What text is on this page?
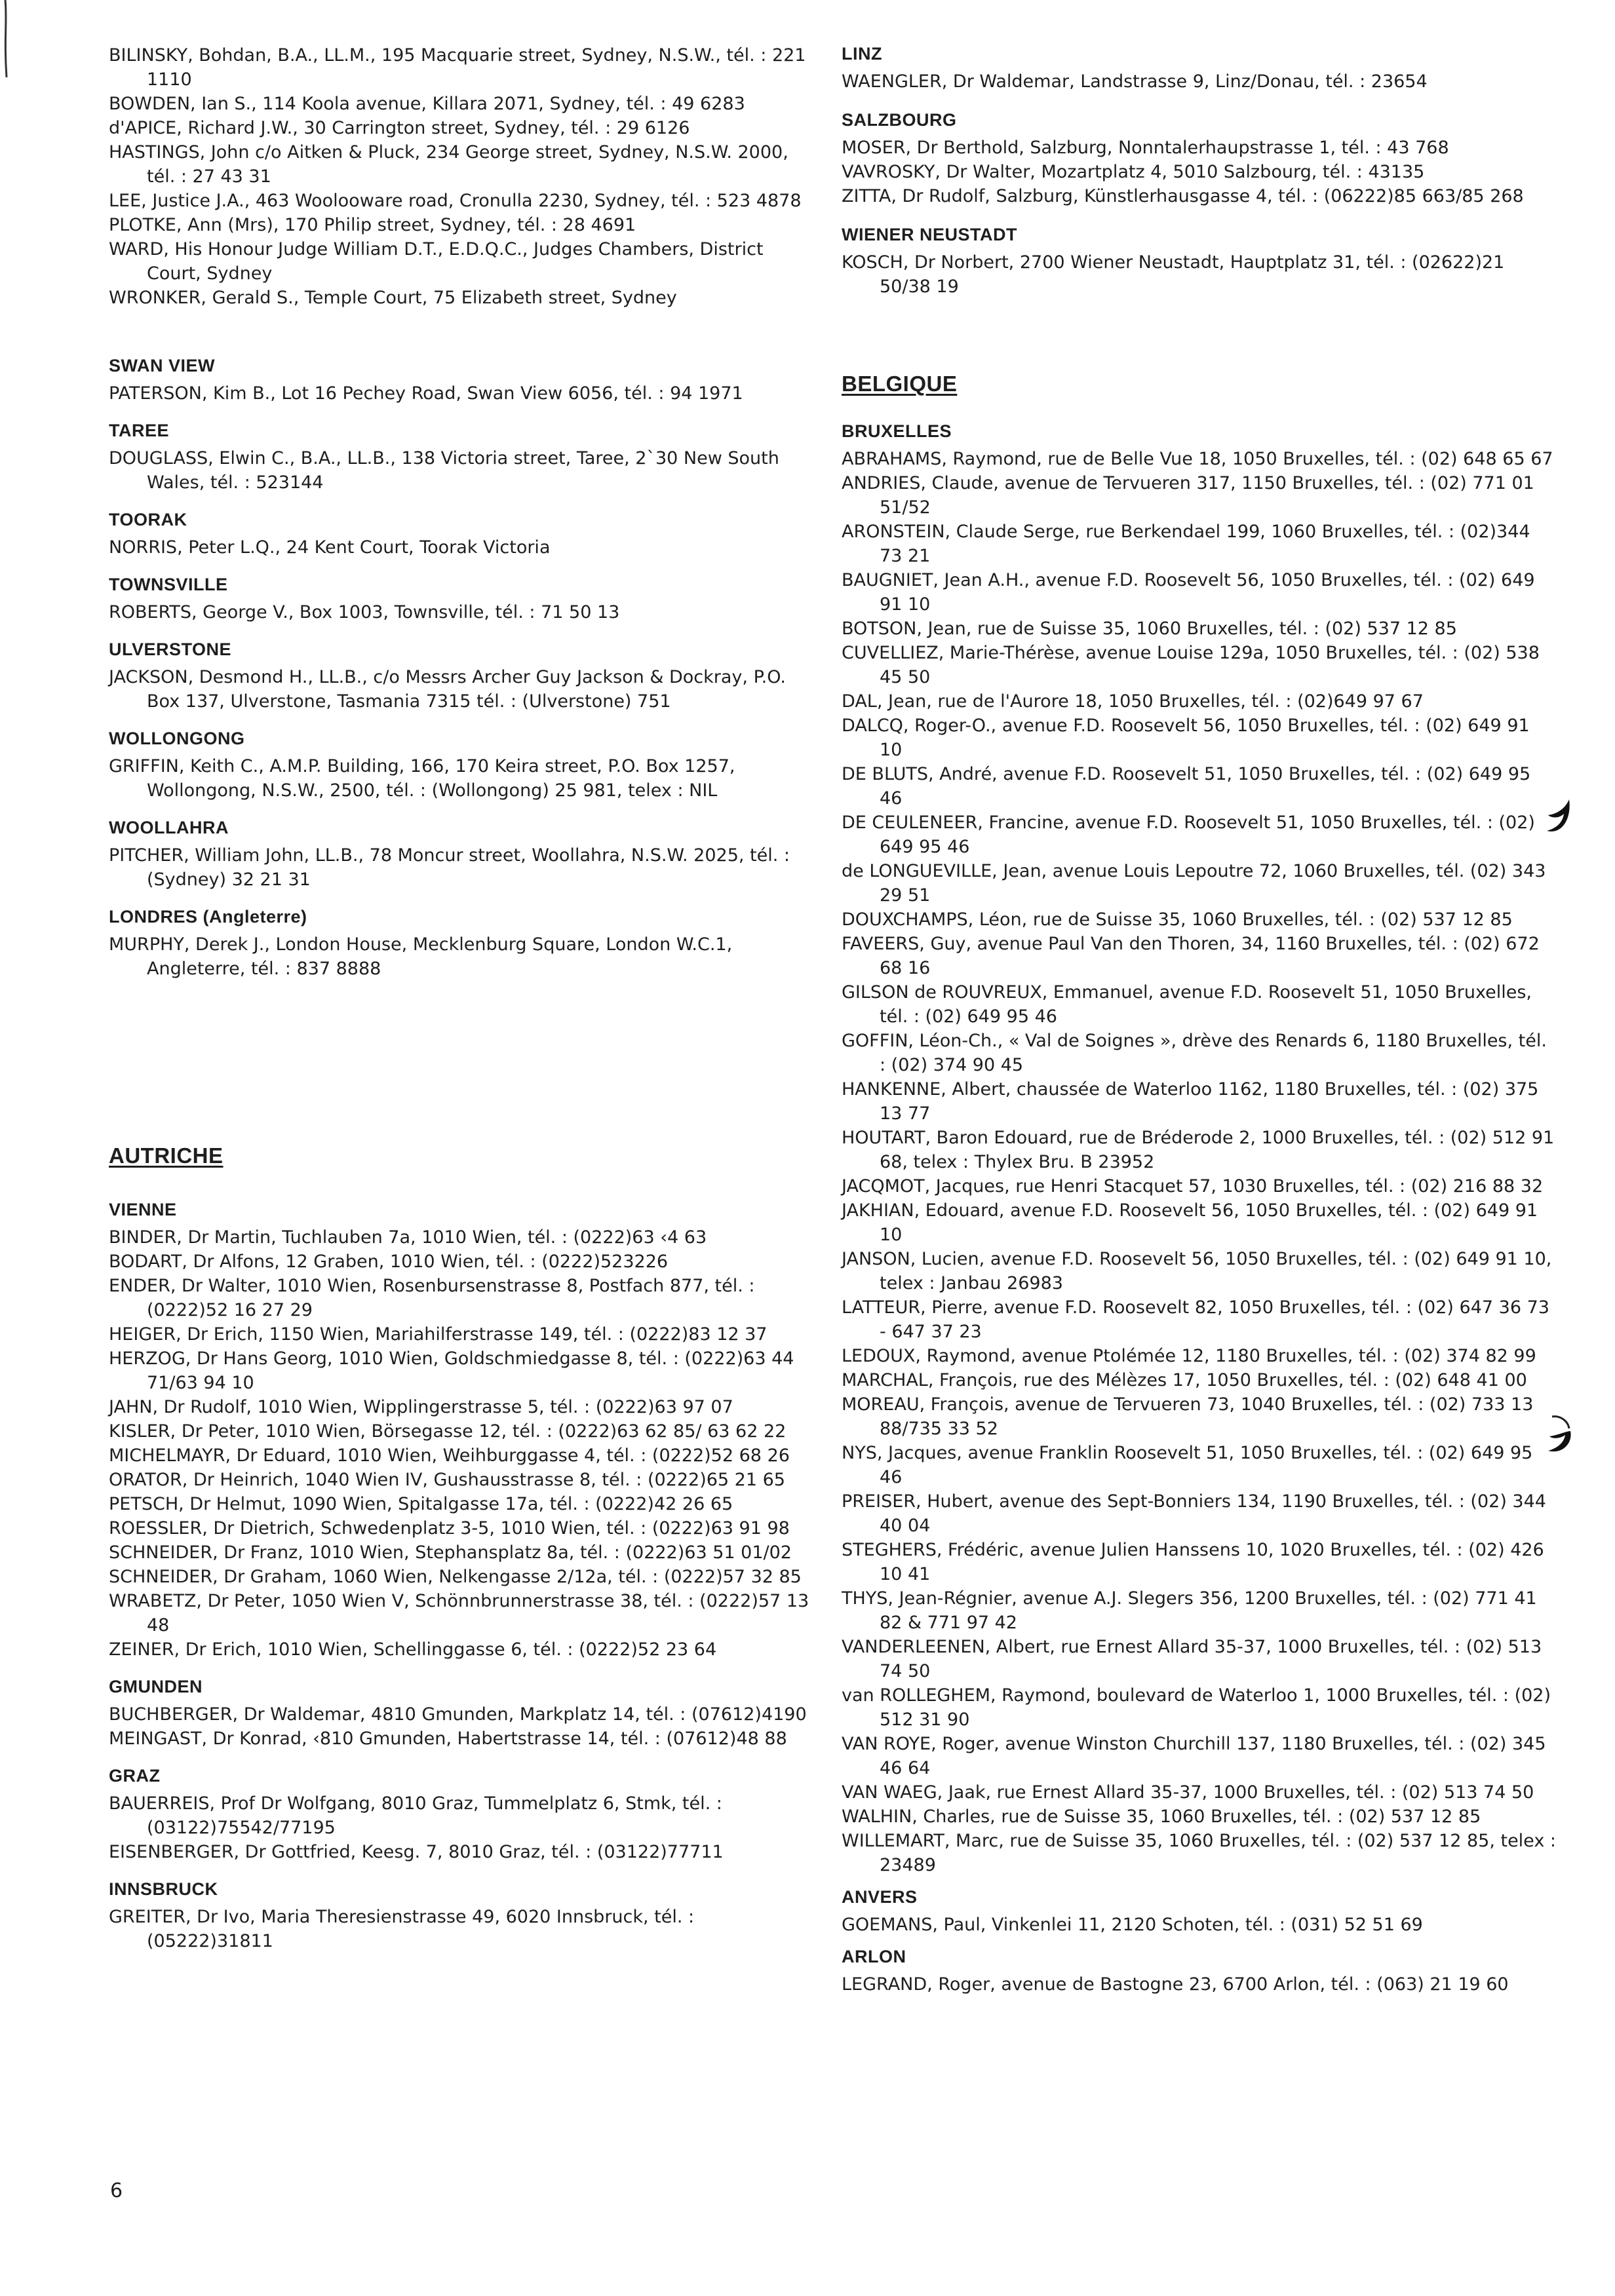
BILINSKY, Bohdan, B.A., LL.M., 195 Macquarie street, Sydney, N.S.W., tél. : 221 1110

BOWDEN, Ian S., 114 Koola avenue, Killara 2071, Sydney, tél. : 49 6283

d'APICE, Richard J.W., 30 Carrington street, Sydney, tél. : 29 6126

HASTINGS, John c/o Aitken & Pluck, 234 George street, Sydney, N.S.W. 2000, tél. : 27 43 31

LEE, Justice J.A., 463 Woolooware road, Cronulla 2230, Sydney, tél. : 523 4878

PLOTKE, Ann (Mrs), 170 Philip street, Sydney, tél. : 28 4691

WARD, His Honour Judge William D.T., E.D.Q.C., Judges Chambers, District Court, Sydney

WRONKER, Gerald S., Temple Court, 75 Elizabeth street, Sydney

SWAN VIEW

PATERSON, Kim B., Lot 16 Pechey Road, Swan View 6056, tél. : 94 1971

TAREE

DOUGLASS, Elwin C., B.A., LL.B., 138 Victoria street, Taree, 2`30 New South Wales, tél. : 523144

TOORAK

NORRIS, Peter L.Q., 24 Kent Court, Toorak Victoria

TOWNSVILLE

ROBERTS, George V., Box 1003, Townsville, tél. : 71 50 13

ULVERSTONE

JACKSON, Desmond H., LL.B., c/o Messrs Archer Guy Jackson & Dockray, P.O. Box 137, Ulverstone, Tasmania 7315 tél. : (Ulverstone) 751

WOLLONGONG

GRIFFIN, Keith C., A.M.P. Building, 166, 170 Keira street, P.O. Box 1257, Wollongong, N.S.W., 2500, tél. : (Wollongong) 25 981, telex : NIL

WOOLLAHRA

PITCHER, William John, LL.B., 78 Moncur street, Woollahra, N.S.W. 2025, tél. : (Sydney) 32 21 31

LONDRES (Angleterre)

MURPHY, Derek J., London House, Mecklenburg Square, London W.C.1, Angleterre, tél. : 837 8888

AUTRICHE
VIENNE

BINDER, Dr Martin, Tuchlauben 7a, 1010 Wien, tél. : (0222)63 ‹4 63

BODART, Dr Alfons, 12 Graben, 1010 Wien, tél. : (0222)523226

ENDER, Dr Walter, 1010 Wien, Rosenbursenstrasse 8, Postfach 877, tél. : (0222)52 16 27 29

HEIGER, Dr Erich, 1150 Wien, Mariahilferstrasse 149, tél. : (0222)83 12 37

HERZOG, Dr Hans Georg, 1010 Wien, Goldschmiedgasse 8, tél. : (0222)63 44 71/63 94 10

JAHN, Dr Rudolf, 1010 Wien, Wipplingerstrasse 5, tél. : (0222)63 97 07

KISLER, Dr Peter, 1010 Wien, Börsegasse 12, tél. : (0222)63 62 85/ 63 62 22

MICHELMAYR, Dr Eduard, 1010 Wien, Weihburggasse 4, tél. : (0222)52 68 26

ORATOR, Dr Heinrich, 1040 Wien IV, Gushausstrasse 8, tél. : (0222)65 21 65

PETSCH, Dr Helmut, 1090 Wien, Spitalgasse 17a, tél. : (0222)42 26 65

ROESSLER, Dr Dietrich, Schwedenplatz 3-5, 1010 Wien, tél. : (0222)63 91 98

SCHNEIDER, Dr Franz, 1010 Wien, Stephansplatz 8a, tél. : (0222)63 51 01/02

SCHNEIDER, Dr Graham, 1060 Wien, Nelkengasse 2/12a, tél. : (0222)57 32 85

WRABETZ, Dr Peter, 1050 Wien V, Schönnbrunnerstrasse 38, tél. : (0222)57 13 48

ZEINER, Dr Erich, 1010 Wien, Schellinggasse 6, tél. : (0222)52 23 64

GMUNDEN

BUCHBERGER, Dr Waldemar, 4810 Gmunden, Markplatz 14, tél. : (07612)4190

MEINGAST, Dr Konrad, ‹810 Gmunden, Habertstrasse 14, tél. : (07612)48 88

GRAZ

BAUERREIS, Prof Dr Wolfgang, 8010 Graz, Tummelplatz 6, Stmk, tél. : (03122)75542/77195

EISENBERGER, Dr Gottfried, Keesg. 7, 8010 Graz, tél. : (03122)77711

INNSBRUCK

GREITER, Dr Ivo, Maria Theresienstrasse 49, 6020 Innsbruck, tél. : (05222)31811

LINZ

WAENGLER, Dr Waldemar, Landstrasse 9, Linz/Donau, tél. : 23654

SALZBOURG

MOSER, Dr Berthold, Salzburg, Nonntalerhaupstrasse 1, tél. : 43 768

VAVROSKY, Dr Walter, Mozartplatz 4, 5010 Salzbourg, tél. : 43135

ZITTA, Dr Rudolf, Salzburg, Künstlerhausgasse 4, tél. : (06222)85 663/85 268

WIENER NEUSTADT

KOSCH, Dr Norbert, 2700 Wiener Neustadt, Hauptplatz 31, tél. : (02622)21 50/38 19

BELGIQUE
BRUXELLES

ABRAHAMS, Raymond, rue de Belle Vue 18, 1050 Bruxelles, tél. : (02) 648 65 67

ANDRIES, Claude, avenue de Tervueren 317, 1150 Bruxelles, tél. : (02) 771 01 51/52

ARONSTEIN, Claude Serge, rue Berkendael 199, 1060 Bruxelles, tél. : (02)344 73 21

BAUGNIET, Jean A.H., avenue F.D. Roosevelt 56, 1050 Bruxelles, tél. : (02) 649 91 10

BOTSON, Jean, rue de Suisse 35, 1060 Bruxelles, tél. : (02) 537 12 85

CUVELLIEZ, Marie-Thérèse, avenue Louise 129a, 1050 Bruxelles, tél. : (02) 538 45 50

DAL, Jean, rue de l'Aurore 18, 1050 Bruxelles, tél. : (02)649 97 67

DALCQ, Roger-O., avenue F.D. Roosevelt 56, 1050 Bruxelles, tél. : (02) 649 91 10

DE BLUTS, André, avenue F.D. Roosevelt 51, 1050 Bruxelles, tél. : (02) 649 95 46

DE CEULENEER, Francine, avenue F.D. Roosevelt 51, 1050 Bruxelles, tél. : (02) 649 95 46

de LONGUEVILLE, Jean, avenue Louis Lepoutre 72, 1060 Bruxelles, tél. (02) 343 29 51

DOUXCHAMPS, Léon, rue de Suisse 35, 1060 Bruxelles, tél. : (02) 537 12 85

FAVEERS, Guy, avenue Paul Van den Thoren, 34, 1160 Bruxelles, tél. : (02) 672 68 16

GILSON de ROUVREUX, Emmanuel, avenue F.D. Roosevelt 51, 1050 Bruxelles, tél. : (02) 649 95 46

GOFFIN, Léon-Ch., « Val de Soignes », drève des Renards 6, 1180 Bruxelles, tél. : (02) 374 90 45

HANKENNE, Albert, chaussée de Waterloo 1162, 1180 Bruxelles, tél. : (02) 375 13 77

HOUTART, Baron Edouard, rue de Bréderode 2, 1000 Bruxelles, tél. : (02) 512 91 68, telex : Thylex Bru. B 23952

JACQMOT, Jacques, rue Henri Stacquet 57, 1030 Bruxelles, tél. : (02) 216 88 32

JAKHIAN, Edouard, avenue F.D. Roosevelt 56, 1050 Bruxelles, tél. : (02) 649 91 10

JANSON, Lucien, avenue F.D. Roosevelt 56, 1050 Bruxelles, tél. : (02) 649 91 10, telex : Janbau 26983

LATTEUR, Pierre, avenue F.D. Roosevelt 82, 1050 Bruxelles, tél. : (02) 647 36 73 - 647 37 23

LEDOUX, Raymond, avenue Ptolémée 12, 1180 Bruxelles, tél. : (02) 374 82 99

MARCHAL, François, rue des Mélèzes 17, 1050 Bruxelles, tél. : (02) 648 41 00

MOREAU, François, avenue de Tervueren 73, 1040 Bruxelles, tél. : (02) 733 13 88/735 33 52

NYS, Jacques, avenue Franklin Roosevelt 51, 1050 Bruxelles, tél. : (02) 649 95 46

PREISER, Hubert, avenue des Sept-Bonniers 134, 1190 Bruxelles, tél. : (02) 344 40 04

STEGHERS, Frédéric, avenue Julien Hanssens 10, 1020 Bruxelles, tél. : (02) 426 10 41

THYS, Jean-Régnier, avenue A.J. Slegers 356, 1200 Bruxelles, tél. : (02) 771 41 82 & 771 97 42

VANDERLEENEN, Albert, rue Ernest Allard 35-37, 1000 Bruxelles, tél. : (02) 513 74 50

van ROLLEGHEM, Raymond, boulevard de Waterloo 1, 1000 Bruxelles, tél. : (02) 512 31 90

VAN ROYE, Roger, avenue Winston Churchill 137, 1180 Bruxelles, tél. : (02) 345 46 64

VAN WAEG, Jaak, rue Ernest Allard 35-37, 1000 Bruxelles, tél. : (02) 513 74 50

WALHIN, Charles, rue de Suisse 35, 1060 Bruxelles, tél. : (02) 537 12 85

WILLEMART, Marc, rue de Suisse 35, 1060 Bruxelles, tél. : (02) 537 12 85, telex : 23489

ANVERS

GOEMANS, Paul, Vinkenlei 11, 2120 Schoten, tél. : (031) 52 51 69

ARLON

LEGRAND, Roger, avenue de Bastogne 23, 6700 Arlon, tél. : (063) 21 19 60

6
